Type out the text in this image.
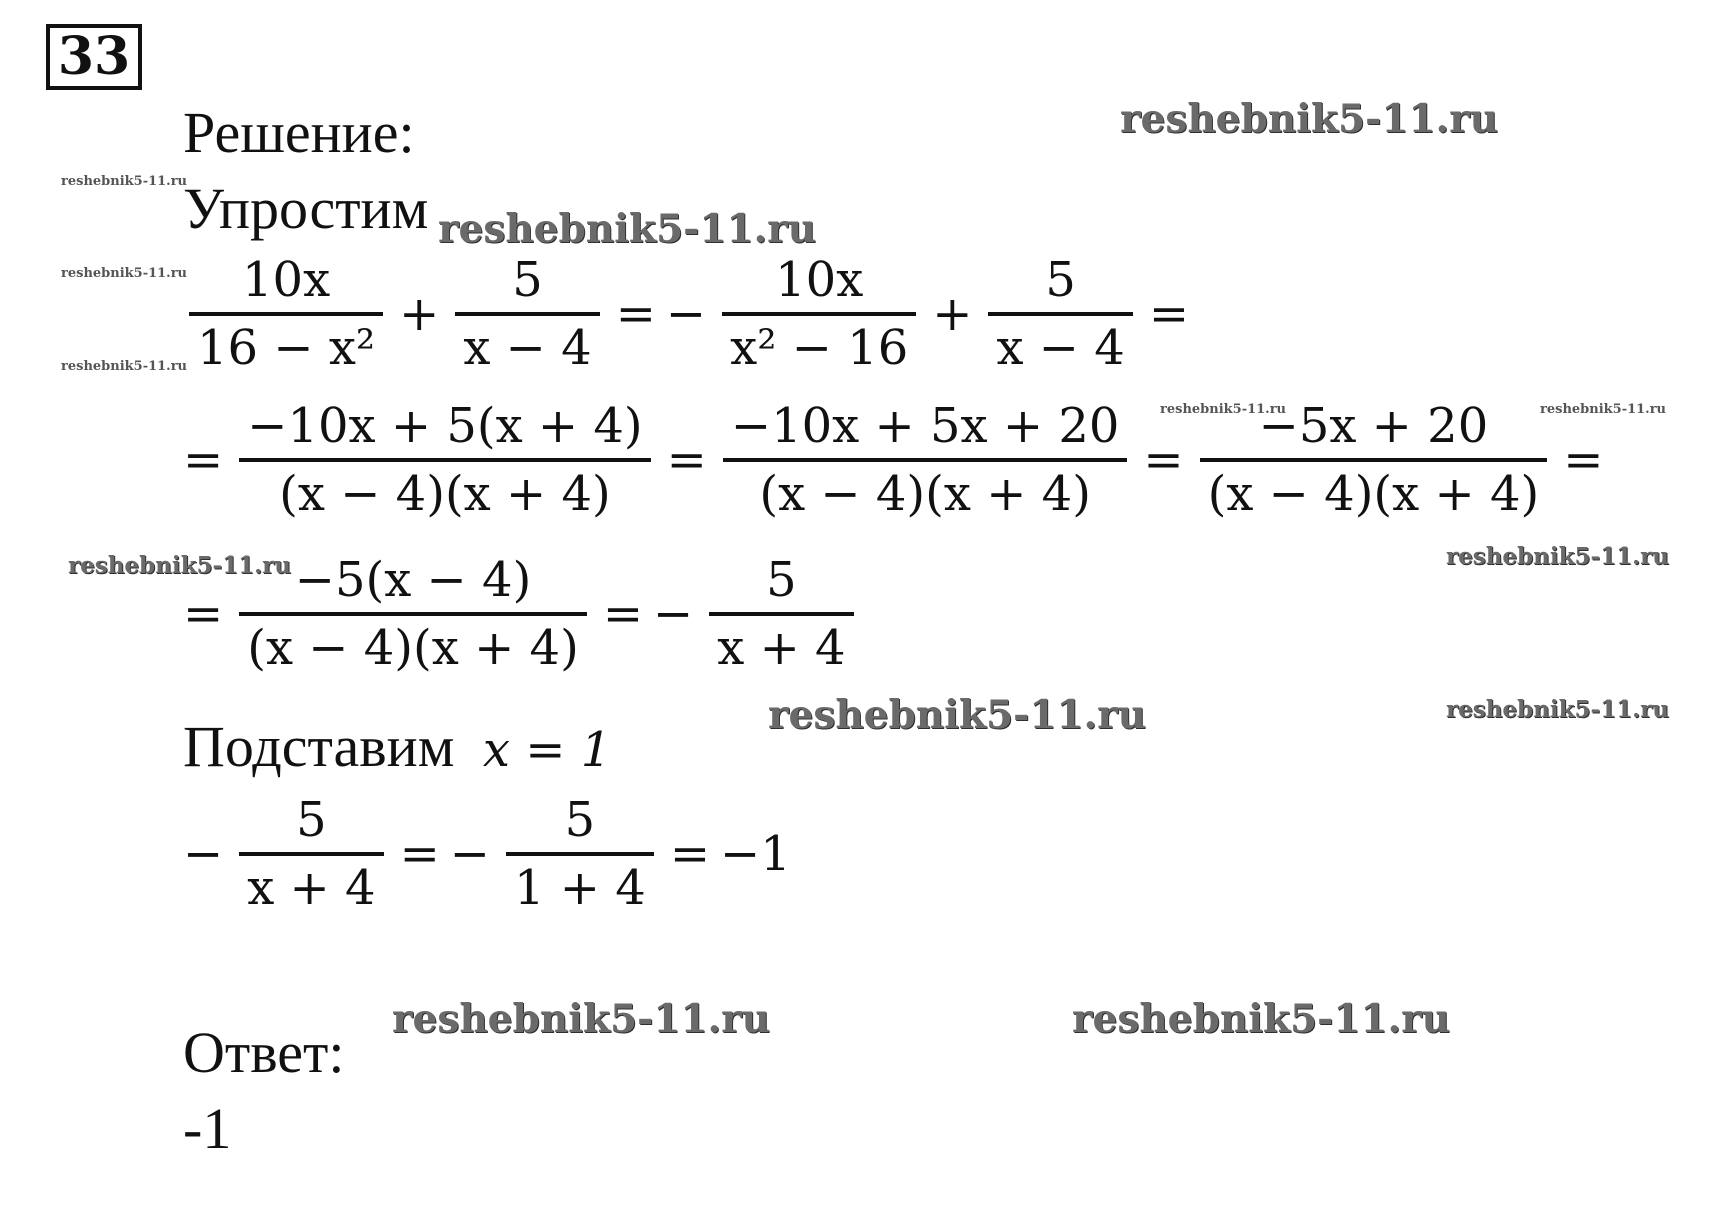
33
Решение:
Упростим
$\frac{10x}{\text{16 − x²}} + \frac{5}{x - 4}$ = − $\frac{10x}{\text{x² − 16}} + \frac{5}{x - 4}$ =
= $\frac{-10x + 5(x + 4)}{(x - 4)(x + 4)} = \frac{-10x + 5x + 20}{(x - 4)(x + 4)} = \frac{-5x + 20}{(x - 4)(x + 4)}$ =
= $\frac{-5(x - 4)}{(x - 4)(x + 4)}$ = − $\frac{5}{x + 4}$
Подставим x = 1
− $\frac{5}{x + 4}$ = − $\frac{5}{1 + 4} = -1$
Ответ:
-1
reshebnik5-11.ru
reshebnik5-11.ru
reshebnik5-11.ru	reshebnik5-11.ru
reshebnik5-11.ru	reshebnik5-11.ru
reshebnik5-11.ru	reshebnik5-11.ru
reshebnik5-11.ru
reshebnik5-11.ru
reshebnik5-11.ru
reshebnik5-11.ru	reshebnik5-11.ru
